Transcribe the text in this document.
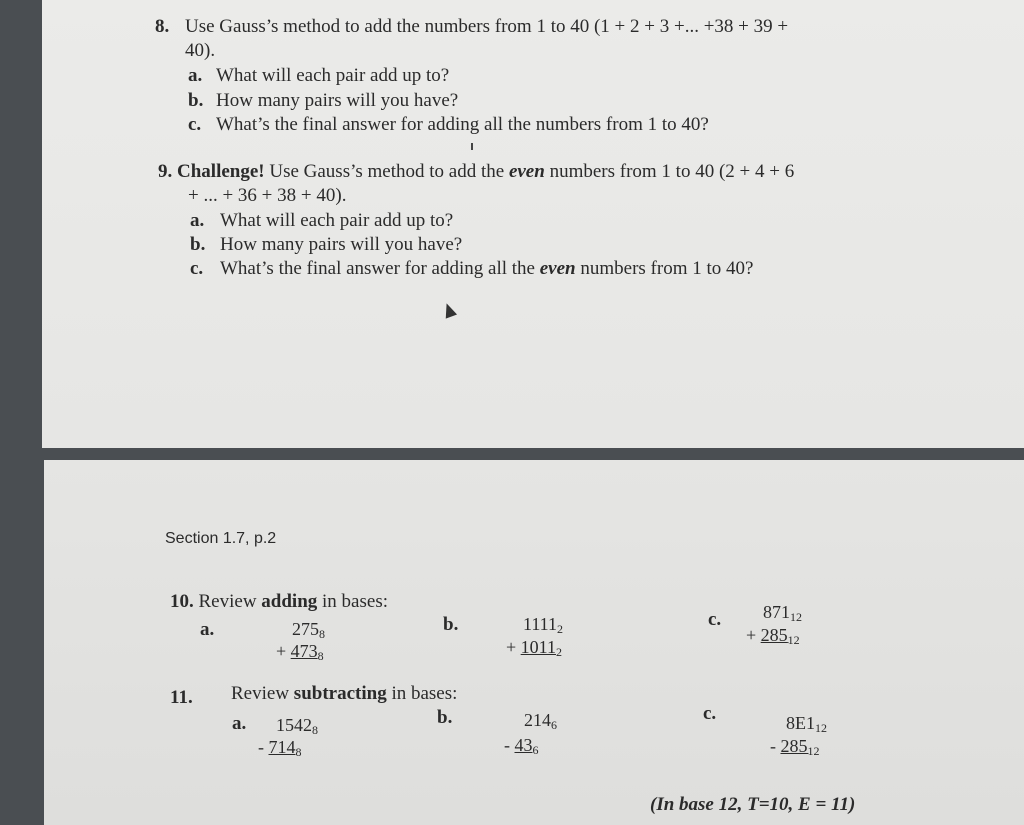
8. Use Gauss’s method to add the numbers from 1 to 40 (1 + 2 + 3 +... +38 + 39 +
40).
a. What will each pair add up to?
b. How many pairs will you have?
c. What’s the final answer for adding all the numbers from 1 to 40?
9. Challenge! Use Gauss’s method to add the even numbers from 1 to 40 (2 + 4 + 6
+ ... + 36 + 38 + 40).
a. What will each pair add up to?
b. How many pairs will you have?
c. What’s the final answer for adding all the even numbers from 1 to 40?
Section 1.7, p.2
10. Review adding in bases:
a.	$275_8$
+ $473_8$
b.	$1111_2$
+ $1011_2$
c. $871_{12}$
+ $285_{12}$
11. Review subtracting in bases:
a. $1542_8$
- $714_8$
b.	$214_6$
- $43_6$
c.	$8E1_{12}$
- $285_{12}$
(In base 12, T=10, E = 11)
